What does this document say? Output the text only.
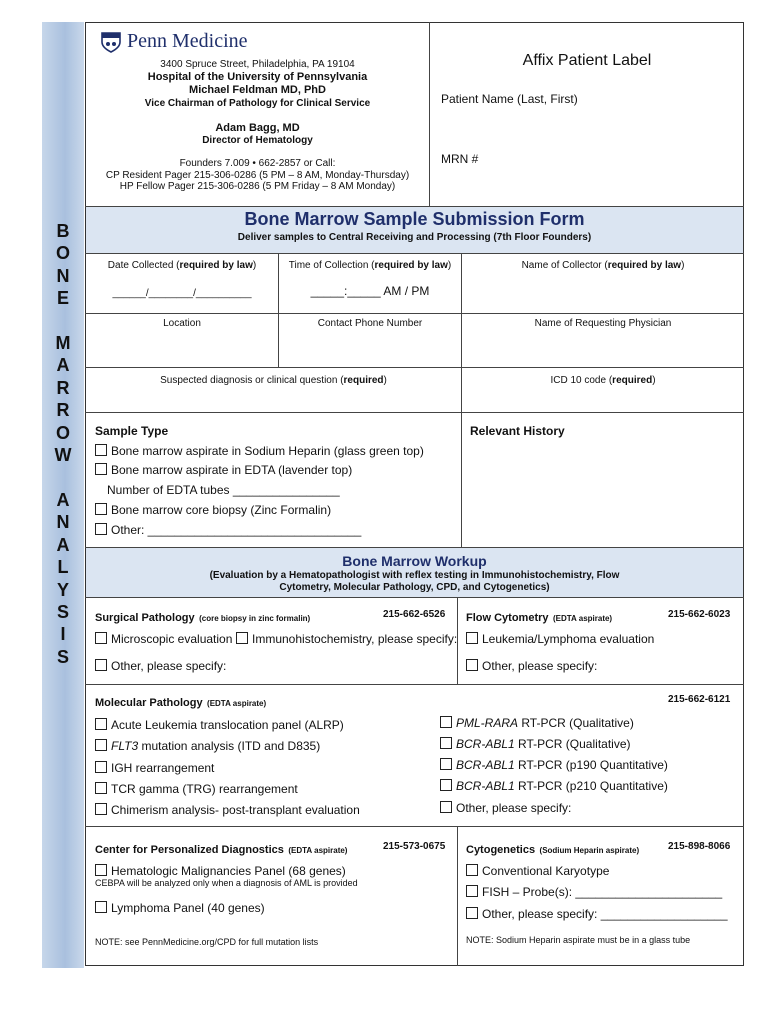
B
O
N
E

M
A
R
R
O
W

A
N
A
L
Y
S
I
S
Penn Medicine
3400 Spruce Street, Philadelphia, PA 19104
Hospital of the University of Pennsylvania
Michael Feldman MD, PhD
Vice Chairman of Pathology for Clinical Service
Adam Bagg, MD
Director of Hematology
Founders 7.009 • 662-2857 or Call:
CP Resident Pager 215-306-0286 (5 PM – 8 AM, Monday-Thursday)
HP Fellow Pager 215-306-0286 (5 PM Friday – 8 AM Monday)
Affix Patient Label
Patient Name (Last, First)
MRN #
Bone Marrow Sample Submission Form
Deliver samples to Central Receiving and Processing (7th Floor Founders)
Date Collected (required by law)
______/________/__________
Time of Collection (required by law)
_____:_____ AM / PM
Name of Collector (required by law)
Location	Contact Phone Number	Name of Requesting Physician
Suspected diagnosis or clinical question (required)	ICD 10 code (required)
Sample Type
Bone marrow aspirate in Sodium Heparin (glass green top)
Bone marrow aspirate in EDTA (lavender top)
Number of EDTA tubes ________________
Bone marrow core biopsy (Zinc Formalin)
Other: ________________________________
Relevant History
Bone Marrow Workup
(Evaluation by a Hematopathologist with reflex testing in Immunohistochemistry, Flow
Cytometry, Molecular Pathology, CPD, and Cytogenetics)
Surgical Pathology (core biopsy in zinc formalin)	215-662-6526
Microscopic evaluation	Immunohistochemistry, please specify:
Other, please specify:
Flow Cytometry (EDTA aspirate)	215-662-6023
Leukemia/Lymphoma evaluation
Other, please specify:
Molecular Pathology (EDTA aspirate)	215-662-6121
Acute Leukemia translocation panel (ALRP)
FLT3 mutation analysis (ITD and D835)
IGH rearrangement
TCR gamma (TRG) rearrangement
Chimerism analysis- post-transplant evaluation
PML-RARA RT-PCR (Qualitative)
BCR-ABL1 RT-PCR (Qualitative)
BCR-ABL1 RT-PCR (p190 Quantitative)
BCR-ABL1 RT-PCR (p210 Quantitative)
Other, please specify:
Center for Personalized Diagnostics (EDTA aspirate)	215-573-0675
Hematologic Malignancies Panel (68 genes)
CEBPA will be analyzed only when a diagnosis of AML is provided
Lymphoma Panel (40 genes)
NOTE: see PennMedicine.org/CPD for full mutation lists
Cytogenetics (Sodium Heparin aspirate)	215-898-8066
Conventional Karyotype
FISH – Probe(s): ______________________
Other, please specify: ___________________
NOTE: Sodium Heparin aspirate must be in a glass tube
